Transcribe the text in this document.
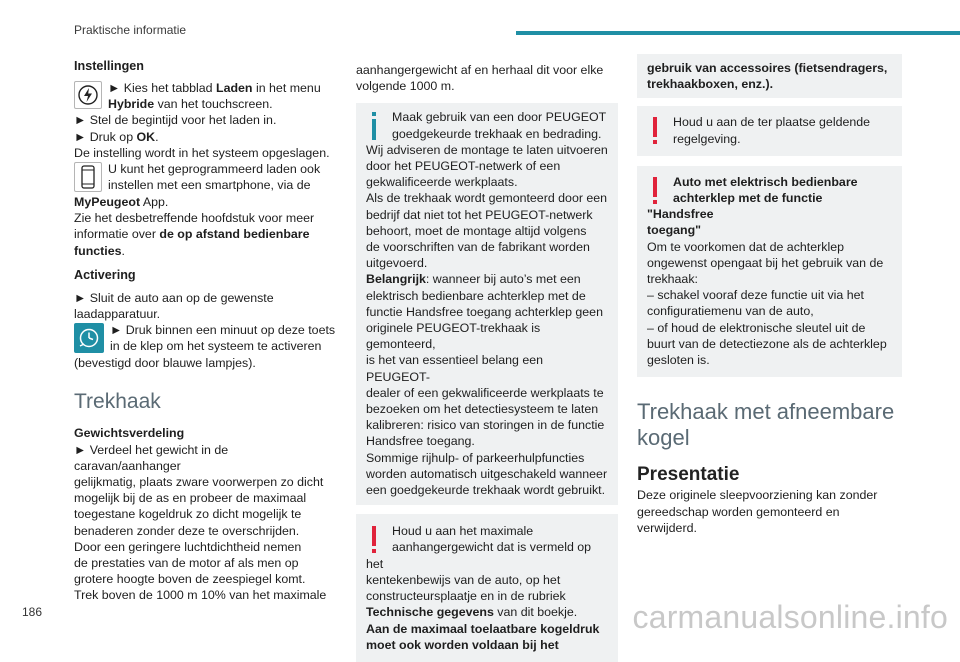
Praktische informatie
Instellingen

► Kies het tabblad Laden in het menu

Hybride van het touchscreen.

► Stel de begintijd voor het laden in.

► Druk op OK.

De instelling wordt in het systeem opgeslagen.

U kunt het geprogrammeerd laden ook

instellen met een smartphone, via de

MyPeugeot App.

Zie het desbetreffende hoofdstuk voor meer

informatie over de op afstand bedienbare

functies.

Activering

► Sluit de auto aan op de gewenste

laadapparatuur.

► Druk binnen een minuut op deze toets

in de klep om het systeem te activeren

(bevestigd door blauwe lampjes).

Trekhaak

Gewichtsverdeling

► Verdeel het gewicht in de caravan/aanhanger

gelijkmatig, plaats zware voorwerpen zo dicht

mogelijk bij de as en probeer de maximaal

toegestane kogeldruk zo dicht mogelijk te

benaderen zonder deze te overschrijden.

Door een geringere luchtdichtheid nemen

de prestaties van de motor af als men op

grotere hoogte boven de zeespiegel komt.

Trek boven de 1000 m 10% van het maximale

aanhangergewicht af en herhaal dit voor elke

volgende 1000 m.

Maak gebruik van een door PEUGEOT

goedgekeurde trekhaak en bedrading.

Wij adviseren de montage te laten uitvoeren

door het PEUGEOT-netwerk of een

gekwalificeerde werkplaats.

Als de trekhaak wordt gemonteerd door een

bedrijf dat niet tot het PEUGEOT-netwerk

behoort, moet de montage altijd volgens

de voorschriften van de fabrikant worden

uitgevoerd.

Belangrijk: wanneer bij auto’s met een

elektrisch bedienbare achterklep met de

functie Handsfree toegang achterklep geen

originele PEUGEOT-trekhaak is gemonteerd,

is het van essentieel belang een PEUGEOT-

dealer of een gekwalificeerde werkplaats te

bezoeken om het detectiesysteem te laten

kalibreren: risico van storingen in de functie

Handsfree toegang.

Sommige rijhulp- of parkeerhulpfuncties

worden automatisch uitgeschakeld wanneer

een goedgekeurde trekhaak wordt gebruikt.

Houd u aan het maximale

aanhangergewicht dat is vermeld op het

kentekenbewijs van de auto, op het

constructeursplaatje en in de rubriek

Technische gegevens van dit boekje.

Aan de maximaal toelaatbare kogeldruk

moet ook worden voldaan bij het

gebruik van accessoires (fietsendragers,

trekhaakboxen, enz.).

Houd u aan de ter plaatse geldende

regelgeving.

Auto met elektrisch bedienbare

achterklep met de functie "Handsfree

toegang"

Om te voorkomen dat de achterklep

ongewenst opengaat bij het gebruik van de

trekhaak:

– schakel vooraf deze functie uit via het

configuratiemenu van de auto,

– of houd de elektronische sleutel uit de

buurt van de detectiezone als de achterklep

gesloten is.

Trekhaak met afneembare
kogel
Presentatie

Deze originele sleepvoorziening kan zonder

gereedschap worden gemonteerd en verwijderd.

186	carmanualsonline.info
